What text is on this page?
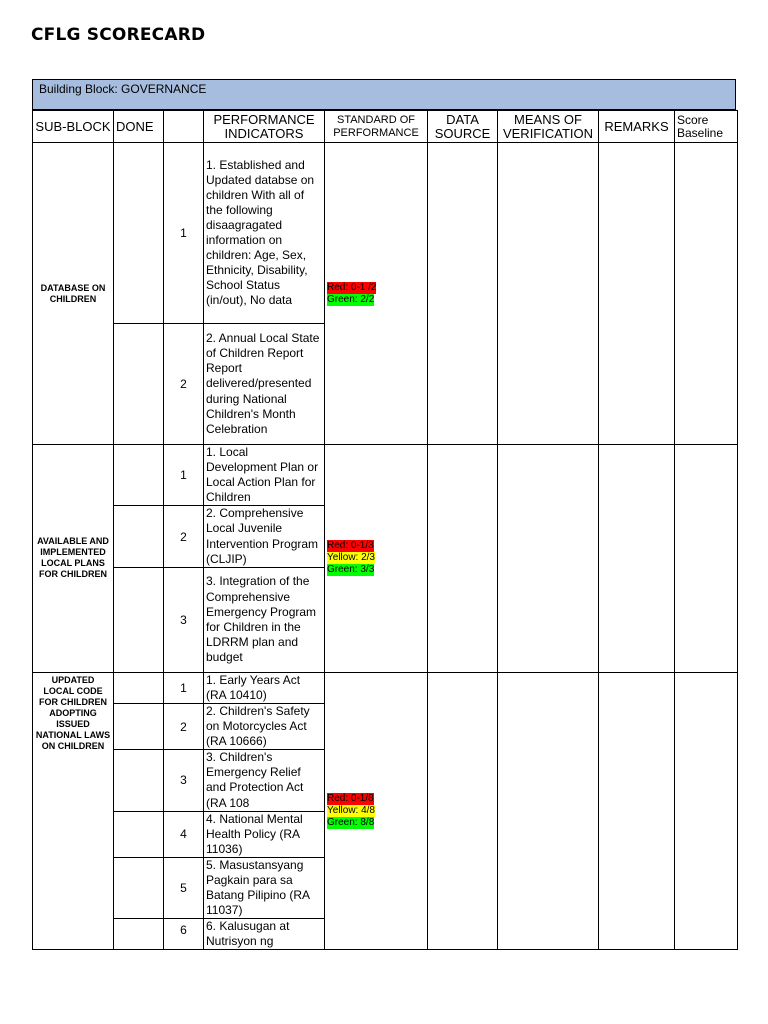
CFLG SCORECARD
Building Block: GOVERNANCE
SUB-BLOCK	DONE		PERFORMANCE INDICATORS	STANDARD OF PERFORMANCE	DATA SOURCE	MEANS OF VERIFICATION	REMARKS	Score Baseline
DATABASE ON CHILDREN		1	1. Established and Updated databse on children With all of the following disaagragated information on children: Age, Sex, Ethnicity, Disability, School Status (in/out), No data	Red: 0-1 /2
Green: 2/2				
		2	2. Annual Local State of Children Report Report delivered/presented during National Children's Month Celebration					
AVAILABLE AND IMPLEMENTED LOCAL PLANS FOR CHILDREN		1	1. Local Development Plan or Local Action Plan for Children	Red: 0-1/3
Yellow: 2/3
Green: 3/3				
		2	2. Comprehensive Local Juvenile Intervention Program (CLJIP)					
		3	3. Integration of the Comprehensive Emergency Program for Children in the LDRRM plan and budget					
UPDATED LOCAL CODE FOR CHILDREN ADOPTING ISSUED NATIONAL LAWS ON CHILDREN		1	1. Early Years Act (RA 10410)	Red: 0-1/8
Yellow: 4/8
Green: 8/8				
		2	2. Children's Safety on Motorcycles Act (RA 10666)					
		3	3. Children's Emergency Relief and Protection Act (RA 108					
		4	4. National Mental Health Policy (RA 11036)					
		5	5. Masustansyang Pagkain para sa Batang Pilipino (RA 11037)					
		6	6. Kalusugan at Nutrisyon ng					
